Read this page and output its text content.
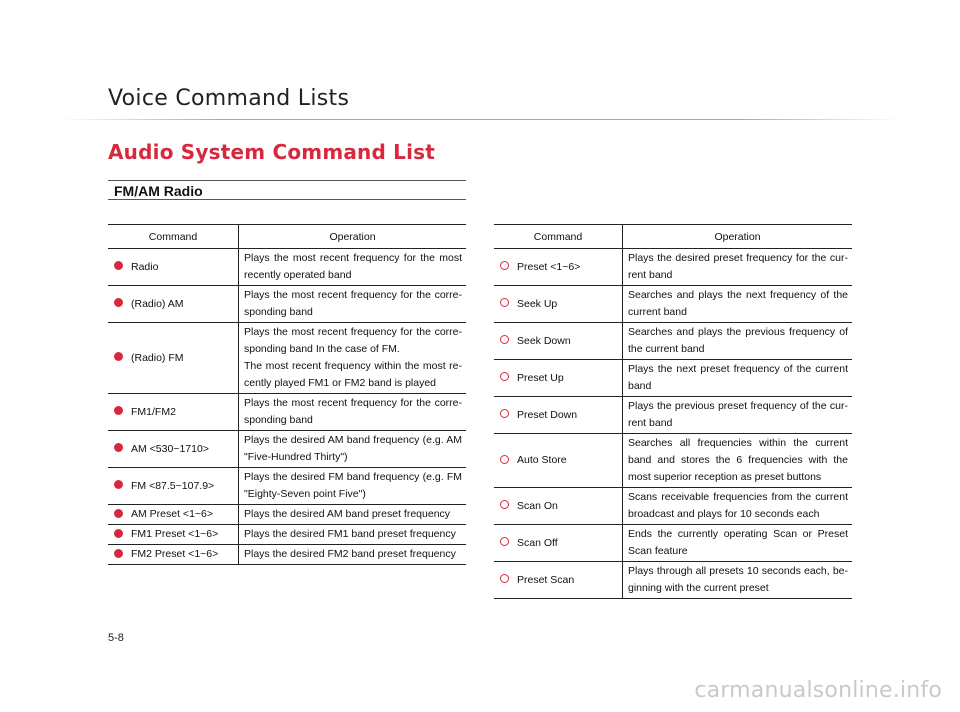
Voice Command Lists
Audio System Command List
FM/AM Radio
Command	Operation
Radio	Plays the most recent frequency for the most recently operated band
(Radio) AM	Plays the most recent frequency for the corre-sponding band
(Radio) FM	Plays the most recent frequency for the corre-sponding band In the case of FM.
The most recent frequency within the most re-cently played FM1 or FM2 band is played
FM1/FM2	Plays the most recent frequency for the corre-sponding band
AM <530~1710>	Plays the desired AM band frequency (e.g. AM "Five-Hundred Thirty")
FM <87.5~107.9>	Plays the desired FM band frequency (e.g. FM "Eighty-Seven point Five")
AM Preset <1~6>	Plays the desired AM band preset frequency
FM1 Preset <1~6>	Plays the desired FM1 band preset frequency
FM2 Preset <1~6>	Plays the desired FM2 band preset frequency
Command	Operation
Preset <1~6>	Plays the desired preset frequency for the cur-rent band
Seek Up	Searches and plays the next frequency of the current band
Seek Down	Searches and plays the previous frequency of the current band
Preset Up	Plays the next preset frequency of the current band
Preset Down	Plays the previous preset frequency of the cur-rent band
Auto Store	Searches all frequencies within the current band and stores the 6 frequencies with the most superior reception as preset buttons
Scan On	Scans receivable frequencies from the current broadcast and plays for 10 seconds each
Scan Off	Ends the currently operating Scan or Preset Scan feature
Preset Scan	Plays through all presets 10 seconds each, be-ginning with the current preset
5-8
carmanualsonline.info
